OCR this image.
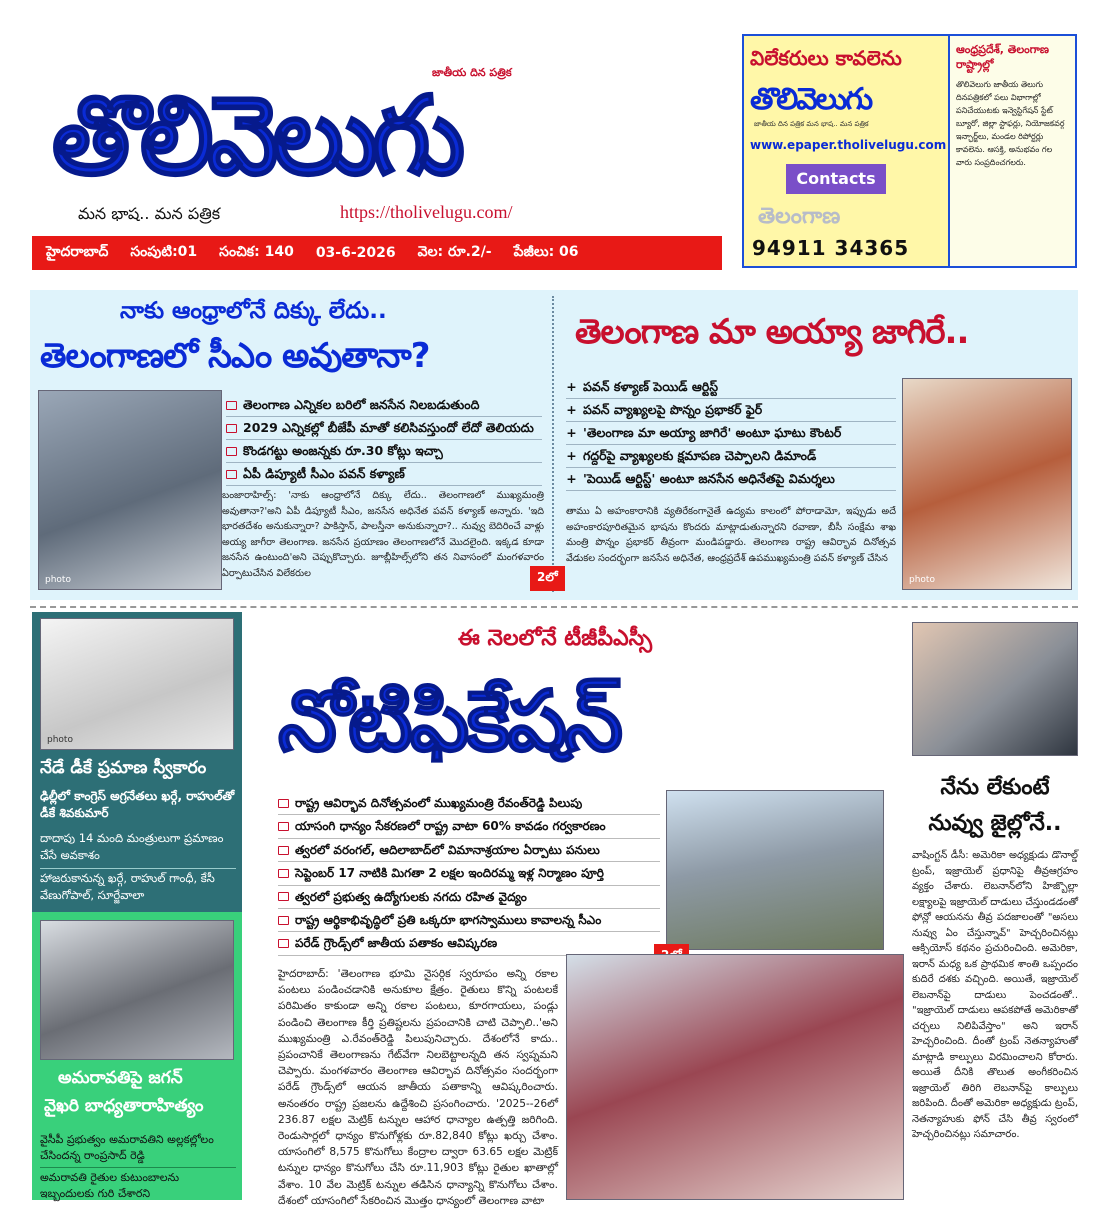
జాతీయ దిన పత్రిక
తొలివెలుగు
మన భాష.. మన పత్రిక	https://tholivelugu.com/
హైదరాబాద్ సంపుటి:01 సంచిక: 140 03-6-2026 వెల: రూ.2/- పేజీలు: 06
విలేకరులు కావలెను
తొలివెలుగు
జాతీయ దిన పత్రిక మన భాష.. మన పత్రిక
www.epaper.tholivelugu.com
Contacts
తెలంగాణ
94911 34365
ఆంధ్రప్రదేశ్, తెలంగాణ రాష్ట్రాల్లో
తొలివెలుగు జాతీయ తెలుగు దినపత్రికలో పలు విభాగాల్లో పనిచేయుటకు ఇన్వెస్టిగేషన్ స్టేట్ బ్యూరో, జిల్లా స్టాఫర్లు, నియోజకవర్గ ఇన్ఛార్జ్‌లు, మండల రిపోర్టర్లు కావలెను. ఆసక్తి, అనుభవం గల వారు సంప్రదించగలరు.
నాకు ఆంధ్రాలోనే దిక్కు లేదు..
తెలంగాణలో సీఎం అవుతానా?
photo
తెలంగాణ ఎన్నికల బరిలో జనసేన నిలబడుతుంది
2029 ఎన్నికల్లో బీజేపీ మాతో కలిసివస్తుందో లేదో తెలియదు
కొండగట్టు అంజన్నకు రూ.30 కోట్లు ఇచ్చా
ఏపీ డిప్యూటీ సీఎం పవన్ కళ్యాణ్

బంజారాహిల్స్: 'నాకు ఆంధ్రాలోనే దిక్కు లేదు.. తెలంగాణలో ముఖ్యమంత్రి అవుతానా?'అని ఏపీ డిప్యూటీ సీఎం, జనసేన అధినేత పవన్ కళ్యాణ్ అన్నారు. 'ఇది భారతదేశం అనుకున్నారా? పాకిస్తాన్, పాలస్తీనా అనుకున్నారా?.. నువ్వు బెదిరించే వాళ్లు అయ్య జాగీరా తెలంగాణ. జనసేన ప్రయాణం తెలంగాణలోనే మొదలైంది. ఇక్కడ కూడా జనసేన ఉంటుంది'అని చెప్పుకొచ్చారు. జూబ్లీహిల్స్‌లోని తన నివాసంలో మంగళవారం ఏర్పాటుచేసిన విలేకరుల	2లో
తెలంగాణ మా అయ్యా జాగిరే..
+ పవన్ కళ్యాణ్ పెయిడ్ ఆర్టిస్ట్
+ పవన్ వ్యాఖ్యలపై పొన్నం ప్రభాకర్ ఫైర్
+ 'తెలంగాణ మా అయ్యా జాగిరే' అంటూ ఘాటు కౌంటర్
+ గద్దర్‌పై వ్యాఖ్యలకు క్షమాపణ చెప్పాలని డిమాండ్
+ 'పెయిడ్ ఆర్టిస్ట్' అంటూ జనసేన అధినేతపై విమర్శలు

తాము ఏ అహంకారానికి వ్యతిరేకంగానైతే ఉద్యమ కాలంలో పోరాడామో, ఇప్పుడు అదే అహంకారపూరితమైన భాషను కొందరు మాట్లాడుతున్నారని రవాణా, బీసీ సంక్షేమ శాఖ మంత్రి పొన్నం ప్రభాకర్ తీవ్రంగా మండిపడ్డారు. తెలంగాణ రాష్ట్ర ఆవిర్భావ దినోత్సవ వేడుకల సందర్భంగా జనసేన అధినేత, ఆంధ్రప్రదేశ్ ఉపముఖ్యమంత్రి పవన్ కళ్యాణ్ చేసిన

photo
photo
నేడే డీకే ప్రమాణ స్వీకారం
ఢిల్లీలో కాంగ్రెస్ అగ్రనేతలు ఖర్గే, రాహుల్‌తో డీకే శివకుమార్
దాదాపు 14 మంది మంత్రులుగా ప్రమాణం చేసే అవకాశం
హాజరుకానున్న ఖర్గే, రాహుల్ గాంధీ, కేసీ వేణుగోపాల్, సూర్జేవాలా
అమరావతిపై జగన్
వైఖరి బాధ్యతారాహిత్యం
వైసీపీ ప్రభుత్వం అమరావతిని అల్లకల్లోలం చేసిందన్న రాంప్రసాద్ రెడ్డి
అమరావతి రైతుల కుటుంబాలను ఇబ్బందులకు గురి చేశారని
ఈ నెలలోనే టీజీపీఎస్సీ
నోటిఫికేషన్
రాష్ట్ర ఆవిర్భావ దినోత్సవంలో ముఖ్యమంత్రి రేవంత్‌రెడ్డి పిలుపు
యాసంగి ధాన్యం సేకరణలో రాష్ట్ర వాటా 60% కావడం గర్వకారణం
త్వరలో వరంగల్, ఆదిలాబాద్‌లో విమానాశ్రయాల ఏర్పాటు పనులు
సెప్టెంబర్ 17 నాటికి మిగతా 2 లక్షల ఇందిరమ్మ ఇళ్ల నిర్మాణం పూర్తి
త్వరలో ప్రభుత్వ ఉద్యోగులకు నగదు రహిత వైద్యం
రాష్ట్ర ఆర్థికాభివృద్ధిలో ప్రతి ఒక్కరూ భాగస్వాములు కావాలన్న సీఎం
పరేడ్ గ్రౌండ్స్‌లో జాతీయ పతాకం ఆవిష్కరణ

హైదరాబాద్: 'తెలంగాణ భూమి నైసర్గిక స్వరూపం అన్ని రకాల పంటలు పండించడానికి అనుకూల క్షేత్రం. రైతులు కొన్ని పంటలకే పరిమితం కాకుండా అన్ని రకాల పంటలు, కూరగాయలు, పండ్లు పండించి తెలంగాణ కీర్తి ప్రతిష్టలను ప్రపంచానికి చాటి చెప్పాలి..'అని ముఖ్యమంత్రి ఎ.రేవంత్‌రెడ్డి పిలుపునిచ్చారు. దేశంలోనే కాదు.. ప్రపంచానికే తెలంగాణను గేట్‌వేగా నిలబెట్టాలన్నది తన స్వప్నమని చెప్పారు. మంగళవారం తెలంగాణ ఆవిర్భావ దినోత్సవం సందర్భంగా పరేడ్ గ్రౌండ్స్‌లో ఆయన జాతీయ పతాకాన్ని ఆవిష్కరించారు. అనంతరం రాష్ట్ర ప్రజలను ఉద్దేశించి ప్రసంగించారు. '2025--26లో 236.87 లక్షల మెట్రిక్ టన్నుల ఆహార ధాన్యాల ఉత్పత్తి జరిగింది. రెండుసార్లలో ధాన్యం కొనుగోళ్లకు రూ.82,840 కోట్లు ఖర్చు చేశాం. యాసంగిలో 8,575 కొనుగోలు కేంద్రాల ద్వారా 63.65 లక్షల మెట్రిక్ టన్నుల ధాన్యం కొనుగోలు చేసి రూ.11,903 కోట్లు రైతుల ఖాతాల్లో వేశాం. 10 వేల మెట్రిక్ టన్నుల తడిసిన ధాన్యాన్ని కొనుగోలు చేశాం. దేశంలో యాసంగిలో సేకరించిన మొత్తం ధాన్యంలో తెలంగాణ వాటా

నేను లేకుంటే నువ్వు జైల్లోనే..

వాషింగ్టన్ డీసీ: అమెరికా అధ్యక్షుడు డొనాల్డ్ ట్రంప్, ఇజ్రాయెల్ ప్రధానిపై తీవ్రఆగ్రహం వ్యక్తం చేశారు. లెబనాన్‌లోని హిజ్బొల్లా లక్ష్యాలపై ఇజ్రాయెల్ దాడులు చేస్తుండడంతో ఫోన్లో ఆయనను తీవ్ర పదజాలంతో "అసలు నువ్వు ఏం చేస్తున్నావ్" హెచ్చరించినట్లు ఆక్సియోస్ కథనం ప్రచురించింది. అమెరికా, ఇరాన్ మధ్య ఒక ప్రాథమిక శాంతి ఒప్పందం కుదిరే దశకు వచ్చింది. అయితే, ఇజ్రాయెల్ లెబనాన్‌పై దాడులు పెంచడంతో.. "ఇజ్రాయెల్ దాడులు ఆపకపోతే అమెరికాతో చర్చలు నిలిపివేస్తాం" అని ఇరాన్ హెచ్చరించింది. దీంతో ట్రంప్ నెతన్యాహుతో మాట్లాడి కాల్పులు విరమించాలని కోరారు. అయితే దీనికి తొలుత అంగీకరించిన ఇజ్రాయెల్ తిరిగి లెబనాన్‌పై కాల్పులు జరిపింది. దీంతో అమెరికా అధ్యక్షుడు ట్రంప్, నెతన్యాహుకు ఫోన్ చేసి తీవ్ర స్వరంలో హెచ్చరించినట్లు సమాచారం.
